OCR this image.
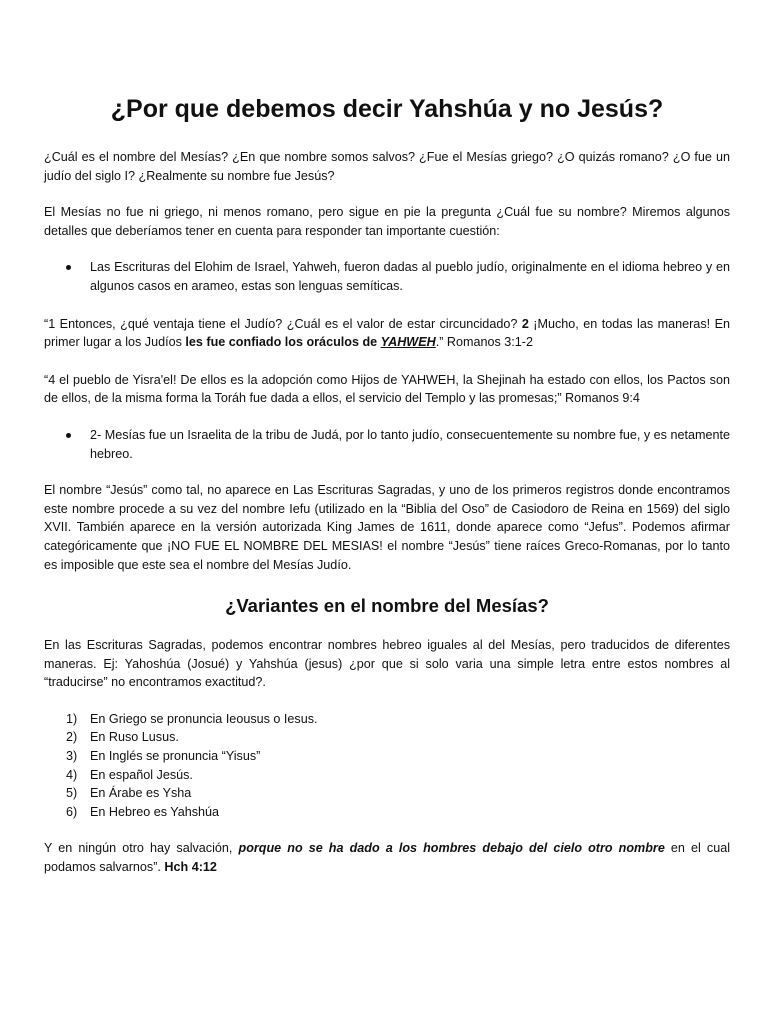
¿Por que debemos decir Yahshúa y no Jesús?

¿Cuál es el nombre del Mesías? ¿En que nombre somos salvos? ¿Fue el Mesías griego? ¿O quizás romano? ¿O fue un judío del siglo I? ¿Realmente su nombre fue Jesús?

El Mesías no fue ni griego, ni menos romano, pero sigue en pie la pregunta ¿Cuál fue su nombre? Miremos algunos detalles que deberíamos tener en cuenta para responder tan importante cuestión:

Las Escrituras del Elohim de Israel, Yahweh, fueron dadas al pueblo judío, originalmente en el idioma hebreo y en algunos casos en arameo, estas son lenguas semíticas.

“1 Entonces, ¿qué ventaja tiene el Judío? ¿Cuál es el valor de estar circuncidado? 2 ¡Mucho, en todas las maneras! En primer lugar a los Judíos les fue confiado los oráculos de YAHWEH.” Romanos 3:1-2

“4 el pueblo de Yisra'el! De ellos es la adopción como Hijos de YAHWEH, la Shejinah ha estado con ellos, los Pactos son de ellos, de la misma forma la Toráh fue dada a ellos, el servicio del Templo y las promesas;” Romanos 9:4

2- Mesías fue un Israelita de la tribu de Judá, por lo tanto judío, consecuentemente su nombre fue, y es netamente hebreo.

El nombre “Jesús” como tal, no aparece en Las Escrituras Sagradas, y uno de los primeros registros donde encontramos este nombre procede a su vez del nombre Iefu (utilizado en la “Biblia del Oso” de Casiodoro de Reina en 1569) del siglo XVII. También aparece en la versión autorizada King James de 1611, donde aparece como “Jefus”. Podemos afirmar categóricamente que ¡NO FUE EL NOMBRE DEL MESIAS! el nombre “Jesús” tiene raíces Greco-Romanas, por lo tanto es imposible que este sea el nombre del Mesías Judío.

¿Variantes en el nombre del Mesías?

En las Escrituras Sagradas, podemos encontrar nombres hebreo iguales al del Mesías, pero traducidos de diferentes maneras. Ej: Yahoshúa (Josué) y Yahshúa (jesus) ¿por que si solo varia una simple letra entre estos nombres al “traducirse” no encontramos exactitud?.

1) En Griego se pronuncia Ieousus o Iesus.
2) En Ruso Lusus.
3) En Inglés se pronuncia “Yisus”
4) En español Jesús.
5) En Árabe es Ysha
6) En Hebreo es Yahshúa

Y en ningún otro hay salvación, porque no se ha dado a los hombres debajo del cielo otro nombre en el cual podamos salvarnos”. Hch 4:12
